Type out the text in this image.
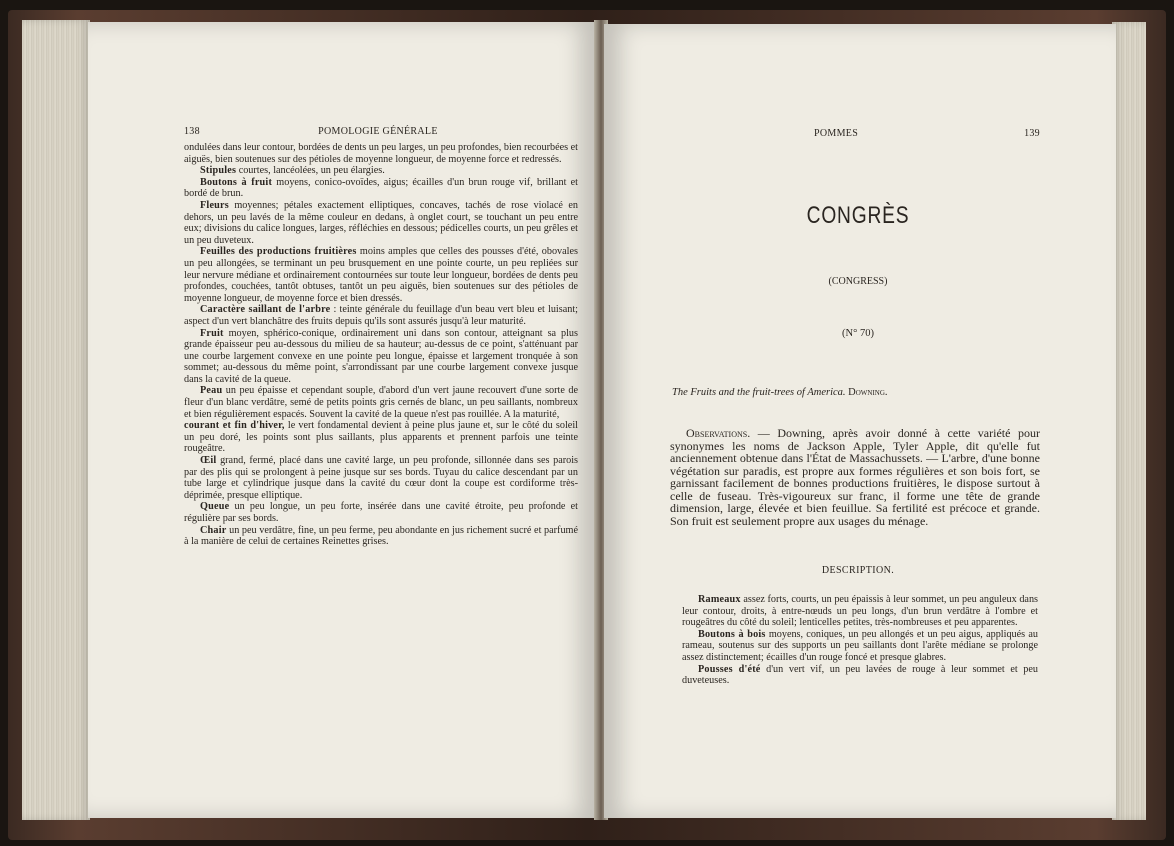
138	POMOLOGIE GÉNÉRALE

ondulées dans leur contour, bordées de dents un peu larges, un peu profondes, bien recourbées et aiguës, bien soutenues sur des pétioles de moyenne longueur, de moyenne force et redressés.

Stipules courtes, lancéolées, un peu élargies.

Boutons à fruit moyens, conico-ovoïdes, aigus; écailles d'un brun rouge vif, brillant et bordé de brun.

Fleurs moyennes; pétales exactement elliptiques, concaves, tachés de rose violacé en dehors, un peu lavés de la même couleur en dedans, à onglet court, se touchant un peu entre eux; divisions du calice longues, larges, réfléchies en dessous; pédicelles courts, un peu grêles et un peu duveteux.

Feuilles des productions fruitières moins amples que celles des pousses d'été, obovales un peu allongées, se terminant un peu brusquement en une pointe courte, un peu repliées sur leur nervure médiane et ordinairement contournées sur toute leur longueur, bordées de dents peu profondes, couchées, tantôt obtuses, tantôt un peu aiguës, bien soutenues sur des pétioles de moyenne longueur, de moyenne force et bien dressés.

Caractère saillant de l'arbre : teinte générale du feuillage d'un beau vert bleu et luisant; aspect d'un vert blanchâtre des fruits depuis qu'ils sont assurés jusqu'à leur maturité.

Fruit moyen, sphérico-conique, ordinairement uni dans son contour, atteignant sa plus grande épaisseur peu au-dessous du milieu de sa hauteur; au-dessus de ce point, s'atténuant par une courbe largement convexe en une pointe peu longue, épaisse et largement tronquée à son sommet; au-dessous du même point, s'arrondissant par une courbe largement convexe jusque dans la cavité de la queue.

Peau un peu épaisse et cependant souple, d'abord d'un vert jaune recouvert d'une sorte de fleur d'un blanc verdâtre, semé de petits points gris cernés de blanc, un peu saillants, nombreux et bien régulièrement espacés. Souvent la cavité de la queue n'est pas rouillée. A la maturité,

courant et fin d'hiver, le vert fondamental devient à peine plus jaune et, sur le côté du soleil un peu doré, les points sont plus saillants, plus apparents et prennent parfois une teinte rougeâtre.

Œil grand, fermé, placé dans une cavité large, un peu profonde, sillonnée dans ses parois par des plis qui se prolongent à peine jusque sur ses bords. Tuyau du calice descendant par un tube large et cylindrique jusque dans la cavité du cœur dont la coupe est cordiforme très-déprimée, presque elliptique.

Queue un peu longue, un peu forte, insérée dans une cavité étroite, peu profonde et régulière par ses bords.

Chair un peu verdâtre, fine, un peu ferme, peu abondante en jus richement sucré et parfumé à la manière de celui de certaines Reinettes grises.

POMMES	139
CONGRÈS
(CONGRESS)
(N° 70)
The Fruits and the fruit-trees of America. Downing.
Observations. — Downing, après avoir donné à cette variété pour synonymes les noms de Jackson Apple, Tyler Apple, dit qu'elle fut anciennement obtenue dans l'État de Massachussets. — L'arbre, d'une bonne végétation sur paradis, est propre aux formes régulières et son bois fort, se garnissant facilement de bonnes productions fruitières, le dispose surtout à celle de fuseau. Très-vigoureux sur franc, il forme une tête de grande dimension, large, élevée et bien feuillue. Sa fertilité est précoce et grande. Son fruit est seulement propre aux usages du ménage.
DESCRIPTION.

Rameaux assez forts, courts, un peu épaissis à leur sommet, un peu anguleux dans leur contour, droits, à entre-nœuds un peu longs, d'un brun verdâtre à l'ombre et rougeâtres du côté du soleil; lenticelles petites, très-nombreuses et peu apparentes.

Boutons à bois moyens, coniques, un peu allongés et un peu aigus, appliqués au rameau, soutenus sur des supports un peu saillants dont l'arête médiane se prolonge assez distinctement; écailles d'un rouge foncé et presque glabres.

Pousses d'été d'un vert vif, un peu lavées de rouge à leur sommet et peu duveteuses.
